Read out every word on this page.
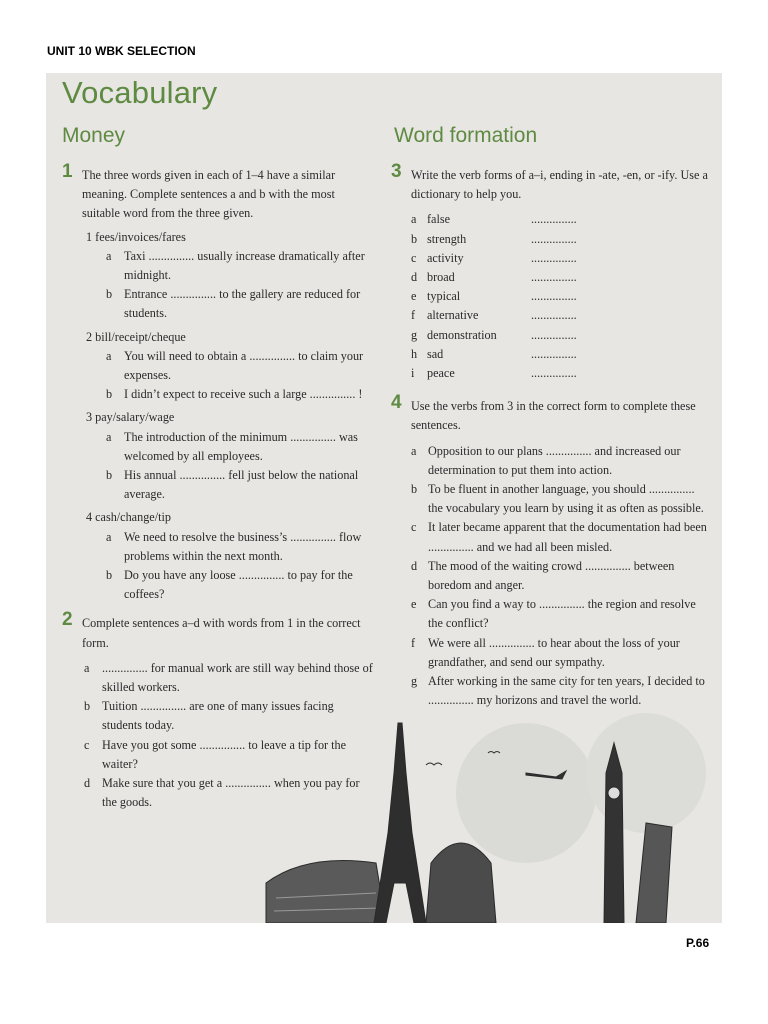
UNIT 10 WBK SELECTION

Vocabulary
Money	Word formation
1 The three words given in each of 1–4 have a similar meaning. Complete sentences a and b with the most suitable word from the three given.

1 fees/invoices/fares

a Taxi ............... usually increase dramatically after midnight.

b Entrance ............... to the gallery are reduced for students.

2 bill/receipt/cheque

a You will need to obtain a ............... to claim your expenses.

b I didn’t expect to receive such a large ............... !

3 pay/salary/wage

a The introduction of the minimum ............... was welcomed by all employees.

b His annual ............... fell just below the national average.

4 cash/change/tip

a We need to resolve the business’s ............... flow problems within the next month.

b Do you have any loose ............... to pay for the coffees?

2 Complete sentences a–d with words from 1 in the correct form.

a ............... for manual work are still way behind those of skilled workers.

b Tuition ............... are one of many issues facing students today.

c Have you got some ............... to leave a tip for the waiter?

d Make sure that you get a ............... when you pay for the goods.

3 Write the verb forms of a–i, ending in -ate, -en, or -ify. Use a dictionary to help you.

a false	...............

b strength	...............

c activity	...............

d broad	...............

e typical	...............

f alternative	...............

g demonstration	...............

h sad	...............

i	peace	...............

4 Use the verbs from 3 in the correct form to complete these sentences.

a Opposition to our plans ............... and increased our determination to put them into action.

b To be fluent in another language, you should ............... the vocabulary you learn by using it as often as possible.

c It later became apparent that the documentation had been ............... and we had all been misled.

d The mood of the waiting crowd ............... between boredom and anger.

e Can you find a way to ............... the region and resolve the conflict?

f We were all ............... to hear about the loss of your grandfather, and send our sympathy.

g After working in the same city for ten years, I decided to ............... my horizons and travel the world.

P.66
